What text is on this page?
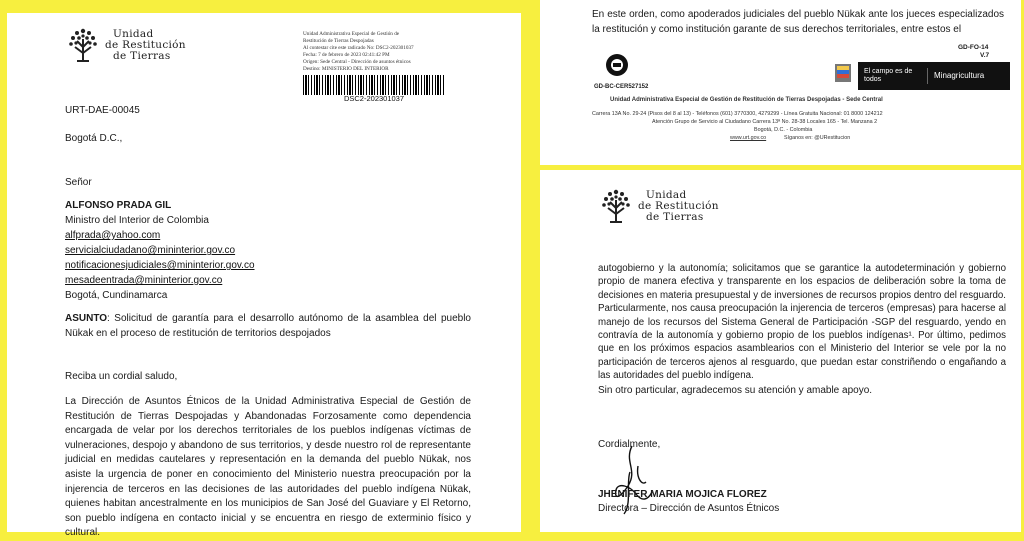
Unidad
de Restitución
de Tierras
Unidad Administrativa Especial de Gestión de
Restitución de Tierras Despojadas
Al contestar cite este radicado No: DSC2-202301037
Fecha: 7 de febrero de 2023 02:41:42 PM
Origen: Sede Central - Dirección de asuntos étnicos
Destino: MINISTERIO DEL INTERIOR
DSC2-202301037
URT-DAE-00045
Bogotá D.C.,
Señor
ALFONSO PRADA GIL
Ministro del Interior de Colombia
alfprada@yahoo.com
servicialciudadano@mininterior.gov.co
notificacionesjudiciales@mininterior.gov.co
mesadeentrada@mininterior.gov.co
Bogotá, Cundinamarca
ASUNTO: Solicitud de garantía para el desarrollo autónomo de la asamblea del pueblo Nükak en el proceso de restitución de territorios despojados
Reciba un cordial saludo,
La Dirección de Asuntos Étnicos de la Unidad Administrativa Especial de Gestión de Restitución de Tierras Despojadas y Abandonadas Forzosamente como dependencia encargada de velar por los derechos territoriales de los pueblos indígenas víctimas de vulneraciones, despojo y abandono de sus territorios, y desde nuestro rol de representante judicial en medidas cautelares y representación en la demanda del pueblo Nükak, nos asiste la urgencia de poner en conocimiento del Ministerio nuestra preocupación por la injerencia de terceros en las decisiones de las autoridades del pueblo indígena Nükak, quienes habitan ancestralmente en los municipios de San José del Guaviare y El Retorno, son pueblo indígena en contacto inicial y se encuentra en riesgo de exterminio físico y cultural.
En este orden, como apoderados judiciales del pueblo Nükak ante los jueces especializados la restitución y como institución garante de sus derechos territoriales, entre estos el
GD-FO-14
V.7
GD-BC-CER527152
El campo es de todos	Minagricultura
Unidad Administrativa Especial de Gestión de Restitución de Tierras Despojadas - Sede Central
Carrera 13A No. 29-24 (Pisos del 8 al 13) - Teléfonos (601) 3770300, 4279299 - Línea Gratuita Nacional: 01 8000 124212
Atención Grupo de Servicio al Ciudadano Carrera 13ª No. 28-38 Locales 165 - Tel. Manzana 2
Bogotá, D.C. - Colombia
www.urt.gov.co	Síganos en: @URestitucion
Unidad
de Restitución
de Tierras
autogobierno y la autonomía; solicitamos que se garantice la autodeterminación y gobierno propio de manera efectiva y transparente en los espacios de deliberación sobre la toma de decisiones en materia presupuestal y de inversiones de recursos propios dentro del resguardo. Particularmente, nos causa preocupación la injerencia de terceros (empresas) para hacerse al manejo de los recursos del Sistema General de Participación -SGP del resguardo, yendo en contravía de la autonomía y gobierno propio de los pueblos indígenas¹. Por último, pedimos que en los próximos espacios asamblearios con el Ministerio del Interior se vele por la no participación de terceros ajenos al resguardo, que puedan estar constriñendo o engañando a las autoridades del pueblo indígena.
Sin otro particular, agradecemos su atención y amable apoyo.
Cordialmente,
JHENIFER MARIA MOJICA FLOREZ
Directora – Dirección de Asuntos Étnicos
